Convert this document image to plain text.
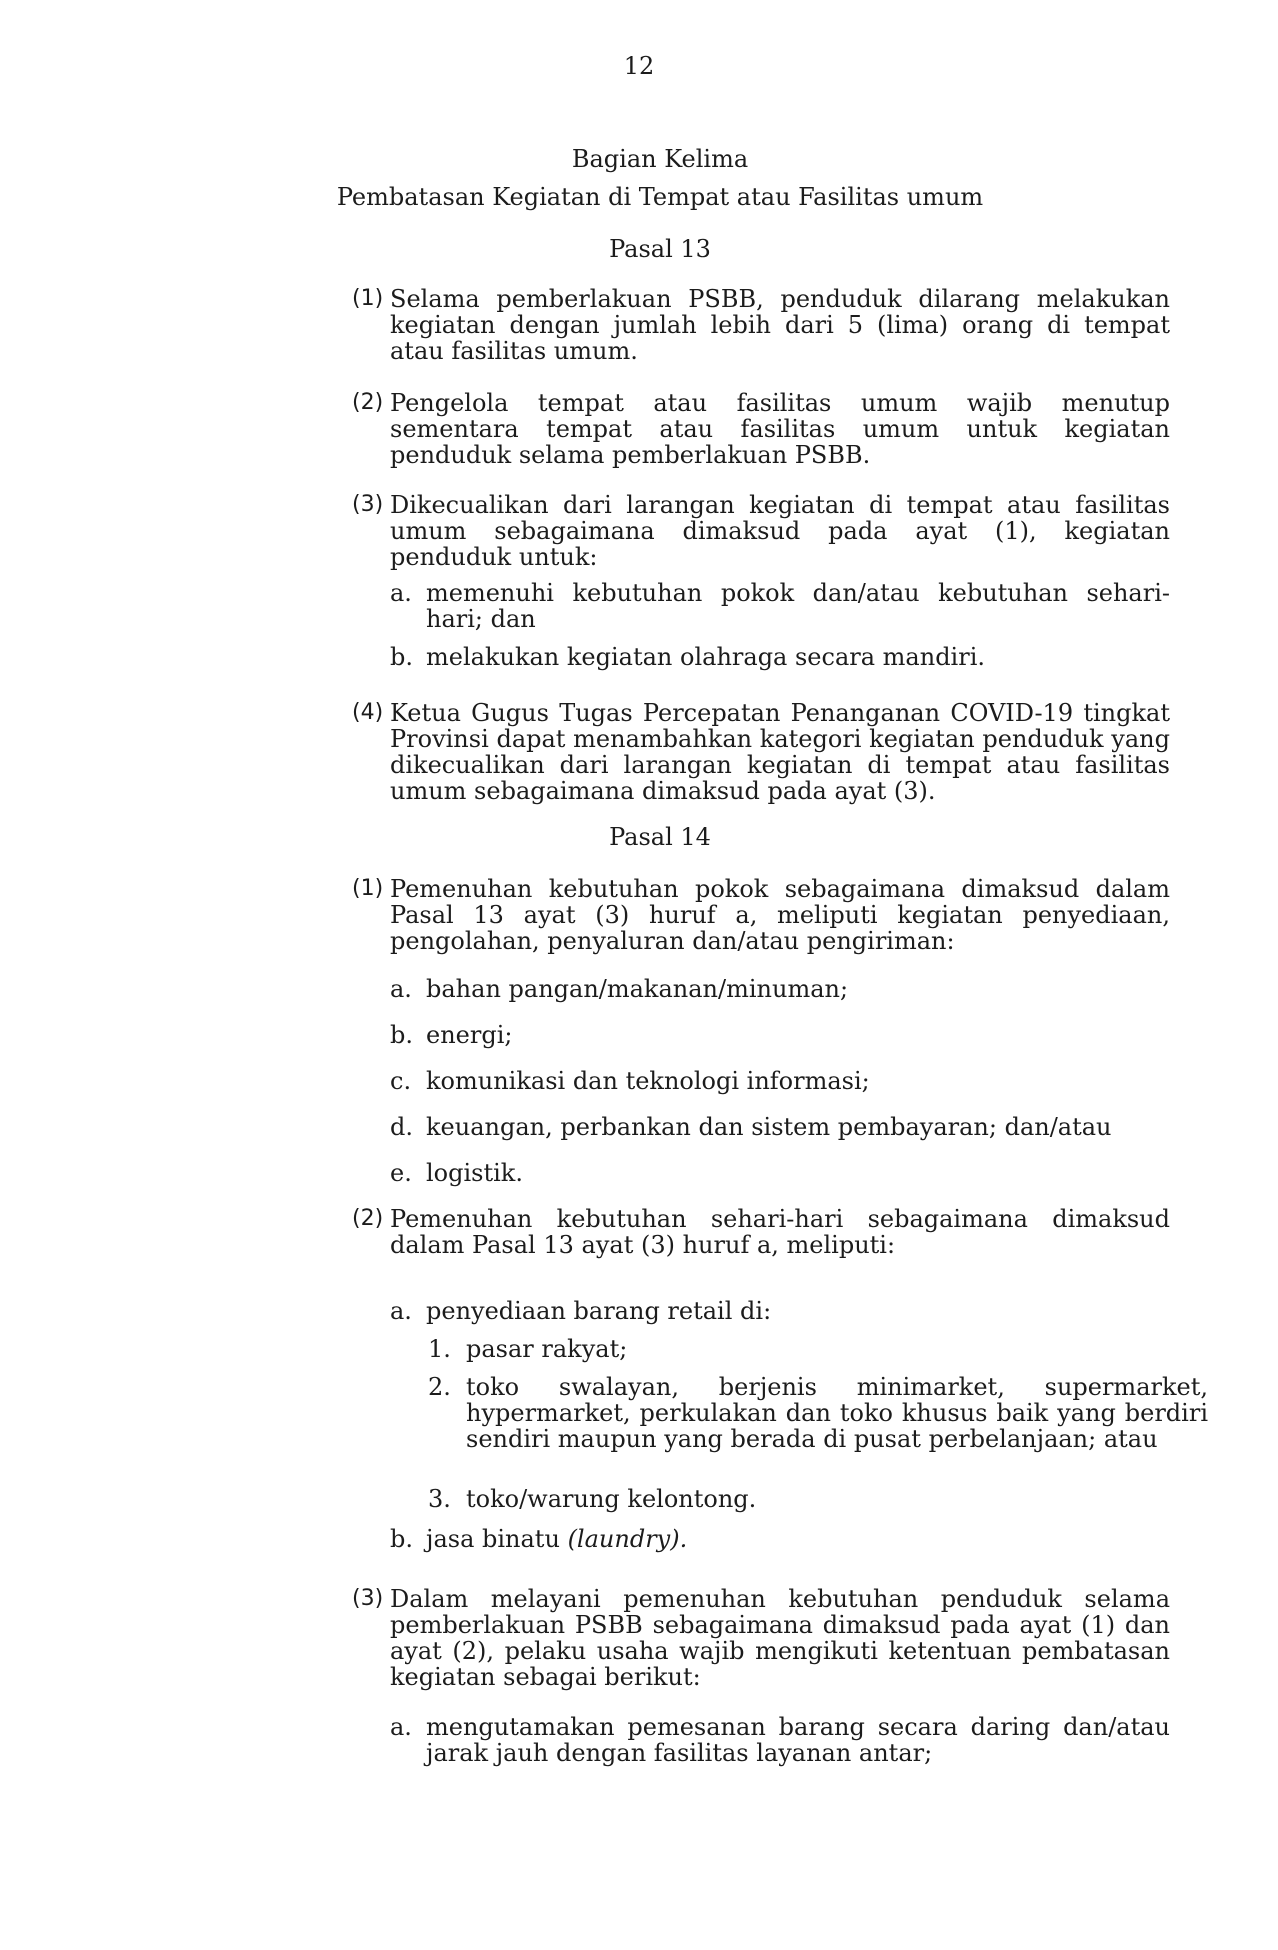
12
Bagian Kelima
Pembatasan Kegiatan di Tempat atau Fasilitas umum
Pasal 13
(1) Selama pemberlakuan PSBB, penduduk dilarang melakukan kegiatan dengan jumlah lebih dari 5 (lima) orang di tempat atau fasilitas umum.
(2) Pengelola tempat atau fasilitas umum wajib menutup sementara tempat atau fasilitas umum untuk kegiatan penduduk selama pemberlakuan PSBB.
(3) Dikecualikan dari larangan kegiatan di tempat atau fasilitas umum sebagaimana dimaksud pada ayat (1), kegiatan penduduk untuk:
a. memenuhi kebutuhan pokok dan/atau kebutuhan sehari-hari; dan
b. melakukan kegiatan olahraga secara mandiri.
(4) Ketua Gugus Tugas Percepatan Penanganan COVID-19 tingkat Provinsi dapat menambahkan kategori kegiatan penduduk yang dikecualikan dari larangan kegiatan di tempat atau fasilitas umum sebagaimana dimaksud pada ayat (3).
Pasal 14
(1) Pemenuhan kebutuhan pokok sebagaimana dimaksud dalam Pasal 13 ayat (3) huruf a, meliputi kegiatan penyediaan, pengolahan, penyaluran dan/atau pengiriman:
a. bahan pangan/makanan/minuman;
b. energi;
c. komunikasi dan teknologi informasi;
d. keuangan, perbankan dan sistem pembayaran; dan/atau
e. logistik.
(2) Pemenuhan kebutuhan sehari-hari sebagaimana dimaksud dalam Pasal 13 ayat (3) huruf a, meliputi:
a. penyediaan barang retail di:
1. pasar rakyat;
2. toko swalayan, berjenis minimarket, supermarket, hypermarket, perkulakan dan toko khusus baik yang berdiri sendiri maupun yang berada di pusat perbelanjaan; atau
3. toko/warung kelontong.
b. jasa binatu (laundry).
(3) Dalam melayani pemenuhan kebutuhan penduduk selama pemberlakuan PSBB sebagaimana dimaksud pada ayat (1) dan ayat (2), pelaku usaha wajib mengikuti ketentuan pembatasan kegiatan sebagai berikut:
a. mengutamakan pemesanan barang secara daring dan/atau jarak jauh dengan fasilitas layanan antar;
